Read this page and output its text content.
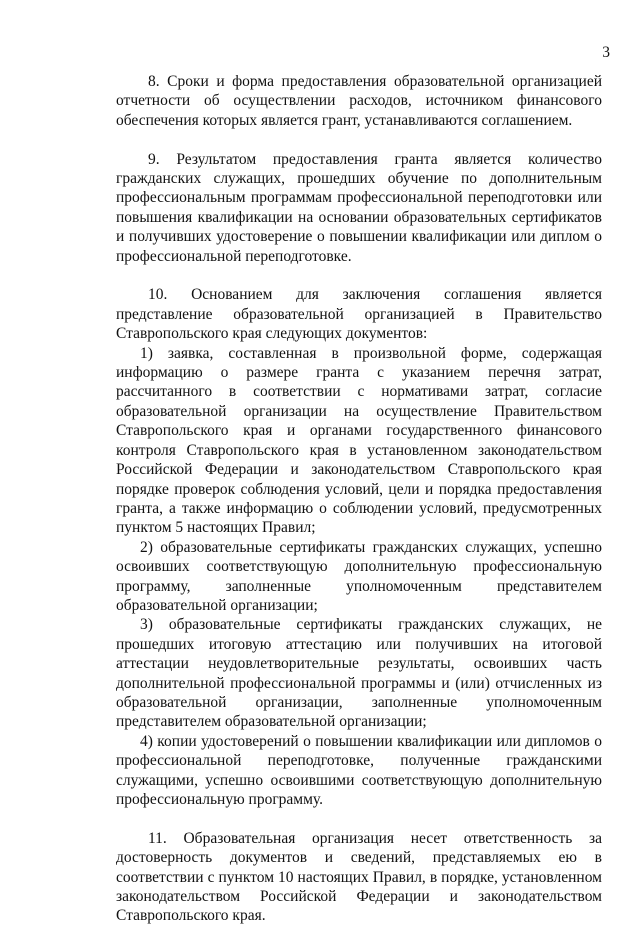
3

8. Сроки и форма предоставления образовательной организацией отчетности об осуществлении расходов, источником финансового обеспечения которых является грант, устанавливаются соглашением.

9. Результатом предоставления гранта является количество гражданских служащих, прошедших обучение по дополнительным профессиональным программам профессиональной переподготовки или повышения квалификации на основании образовательных сертификатов и получивших удостоверение о повышении квалификации или диплом о профессиональной переподготовке.

10. Основанием для заключения соглашения является представление образовательной организацией в Правительство Ставропольского края следующих документов:

1) заявка, составленная в произвольной форме, содержащая информацию о размере гранта с указанием перечня затрат, рассчитанного в соответствии с нормативами затрат, согласие образовательной организации на осуществление Правительством Ставропольского края и органами государственного финансового контроля Ставропольского края в установленном законодательством Российской Федерации и законодательством Ставропольского края порядке проверок соблюдения условий, цели и порядка предоставления гранта, а также информацию о соблюдении условий, предусмотренных пунктом 5 настоящих Правил;

2) образовательные сертификаты гражданских служащих, успешно освоивших соответствующую дополнительную профессиональную программу, заполненные уполномоченным представителем образовательной организации;

3) образовательные сертификаты гражданских служащих, не прошедших итоговую аттестацию или получивших на итоговой аттестации неудовлетворительные результаты, освоивших часть дополнительной профессиональной программы и (или) отчисленных из образовательной организации, заполненные уполномоченным представителем образовательной организации;

4) копии удостоверений о повышении квалификации или дипломов о профессиональной переподготовке, полученные гражданскими служащими, успешно освоившими соответствующую дополнительную профессиональную программу.

11. Образовательная организация несет ответственность за достоверность документов и сведений, представляемых ею в соответствии с пунктом 10 настоящих Правил, в порядке, установленном законодательством Российской Федерации и законодательством Ставропольского края.
